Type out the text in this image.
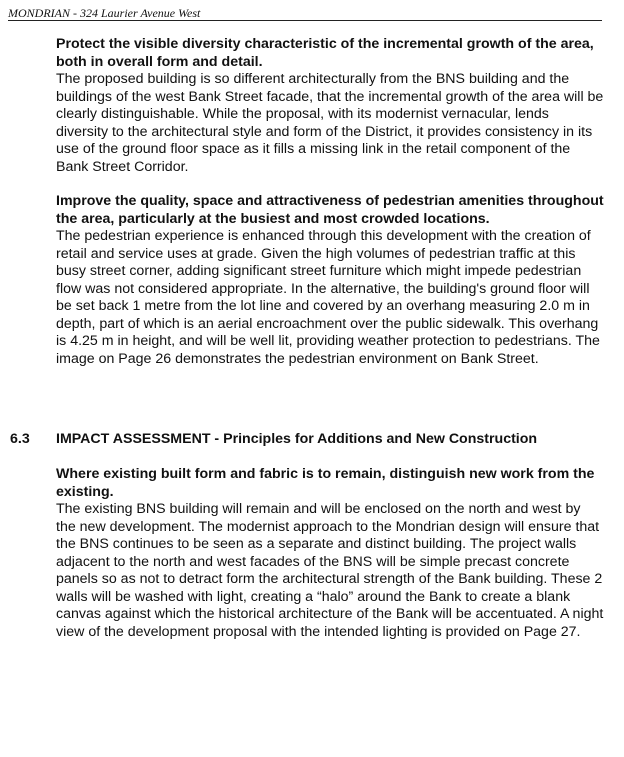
MONDRIAN - 324 Laurier Avenue West

Protect the visible diversity characteristic of the incremental growth of the area, both in overall form and detail.

The proposed building is so different architecturally from the BNS building and the buildings of the west Bank Street facade, that the incremental growth of the area will be clearly distinguishable. While the proposal, with its modernist vernacular, lends diversity to the architectural style and form of the District, it provides consistency in its use of the ground floor space as it fills a missing link in the retail component of the Bank Street Corridor.

Improve the quality, space and attractiveness of pedestrian amenities throughout the area, particularly at the busiest and most crowded locations.

The pedestrian experience is enhanced through this development with the creation of retail and service uses at grade. Given the high volumes of pedestrian traffic at this busy street corner, adding significant street furniture which might impede pedestrian flow was not considered appropriate. In the alternative, the building's ground floor will be set back 1 metre from the lot line and covered by an overhang measuring 2.0 m in depth, part of which is an aerial encroachment over the public sidewalk. This overhang is 4.25 m in height, and will be well lit, providing weather protection to pedestrians. The image on Page 26 demonstrates the pedestrian environment on Bank Street.

6.3 IMPACT ASSESSMENT - Principles for Additions and New Construction

Where existing built form and fabric is to remain, distinguish new work from the existing.

The existing BNS building will remain and will be enclosed on the north and west by the new development. The modernist approach to the Mondrian design will ensure that the BNS continues to be seen as a separate and distinct building. The project walls adjacent to the north and west facades of the BNS will be simple precast concrete panels so as not to detract form the architectural strength of the Bank building. These 2 walls will be washed with light, creating a “halo” around the Bank to create a blank canvas against which the historical architecture of the Bank will be accentuated. A night view of the development proposal with the intended lighting is provided on Page 27.
